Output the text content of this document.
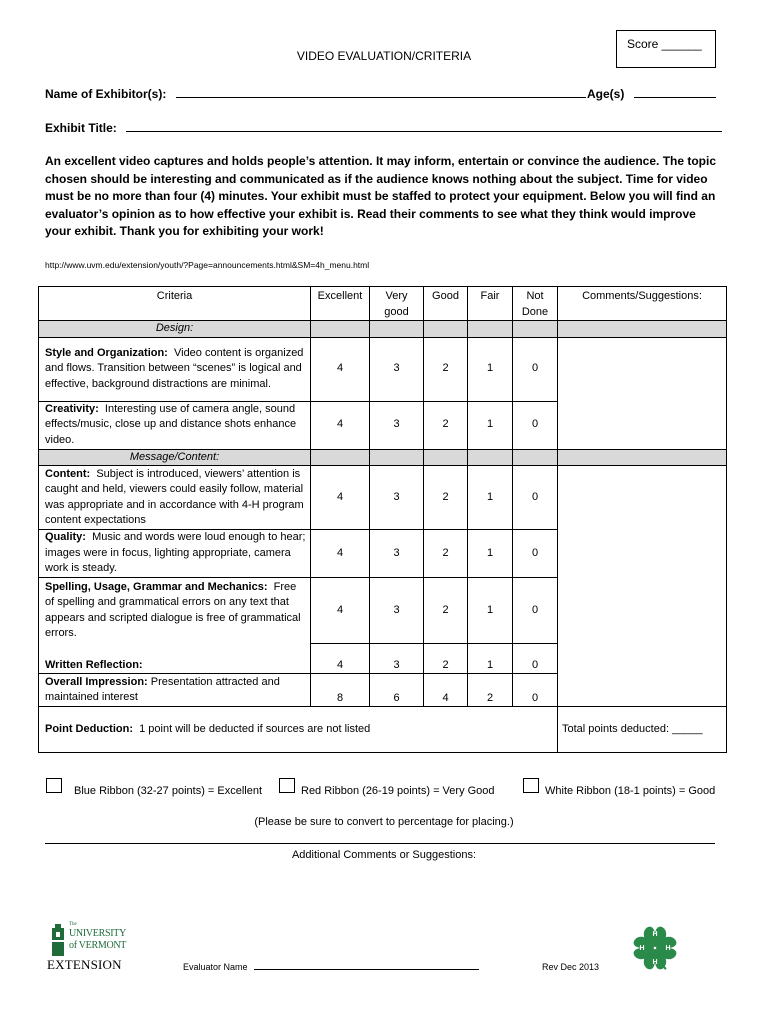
Score ______
VIDEO EVALUATION/CRITERIA
Name of Exhibitor(s):	Age(s)
Exhibit Title:
An excellent video captures and holds people’s attention. It may inform, entertain or convince the audience. The topic chosen should be interesting and communicated as if the audience knows nothing about the subject. Time for video must be no more than four (4) minutes. Your exhibit must be staffed to protect your equipment. Below you will find an evaluator’s opinion as to how effective your exhibit is. Read their comments to see what they think would improve your exhibit. Thank you for exhibiting your work!
http://www.uvm.edu/extension/youth/?Page=announcements.html&SM=4h_menu.html
Criteria	Excellent	Very good	Good	Fair	Not Done	Comments/Suggestions:
Design:						
Style and Organization: Video content is organized and flows. Transition between “scenes” is logical and effective, background distractions are minimal.	4	3	2	1	0	
Creativity: Interesting use of camera angle, sound effects/music, close up and distance shots enhance video.	4	3	2	1	0	
Message/Content:						
Content: Subject is introduced, viewers’ attention is caught and held, viewers could easily follow, material was appropriate and in accordance with 4-H program content expectations	4	3	2	1	0	
Quality: Music and words were loud enough to hear; images were in focus, lighting appropriate, camera work is steady.	4	3	2	1	0	
Spelling, Usage, Grammar and Mechanics: Free of spelling and grammatical errors on any text that appears and scripted dialogue is free of grammatical errors.	4	3	2	1	0	
Written Reflection:	4	3	2	1	0	
Overall Impression: Presentation attracted and maintained interest	8	6	4	2	0	
Point Deduction: 1 point will be deducted if sources are not listed						Total points deducted: _____
Blue Ribbon (32-27 points) = Excellent	Red Ribbon (26-19 points) = Very Good	White Ribbon (18-1 points) = Good
(Please be sure to convert to percentage for placing.)
Additional Comments or Suggestions:
The
UNIVERSITY
of VERMONT
EXTENSION	Evaluator Name	Rev Dec 2013
H
H
H
H
